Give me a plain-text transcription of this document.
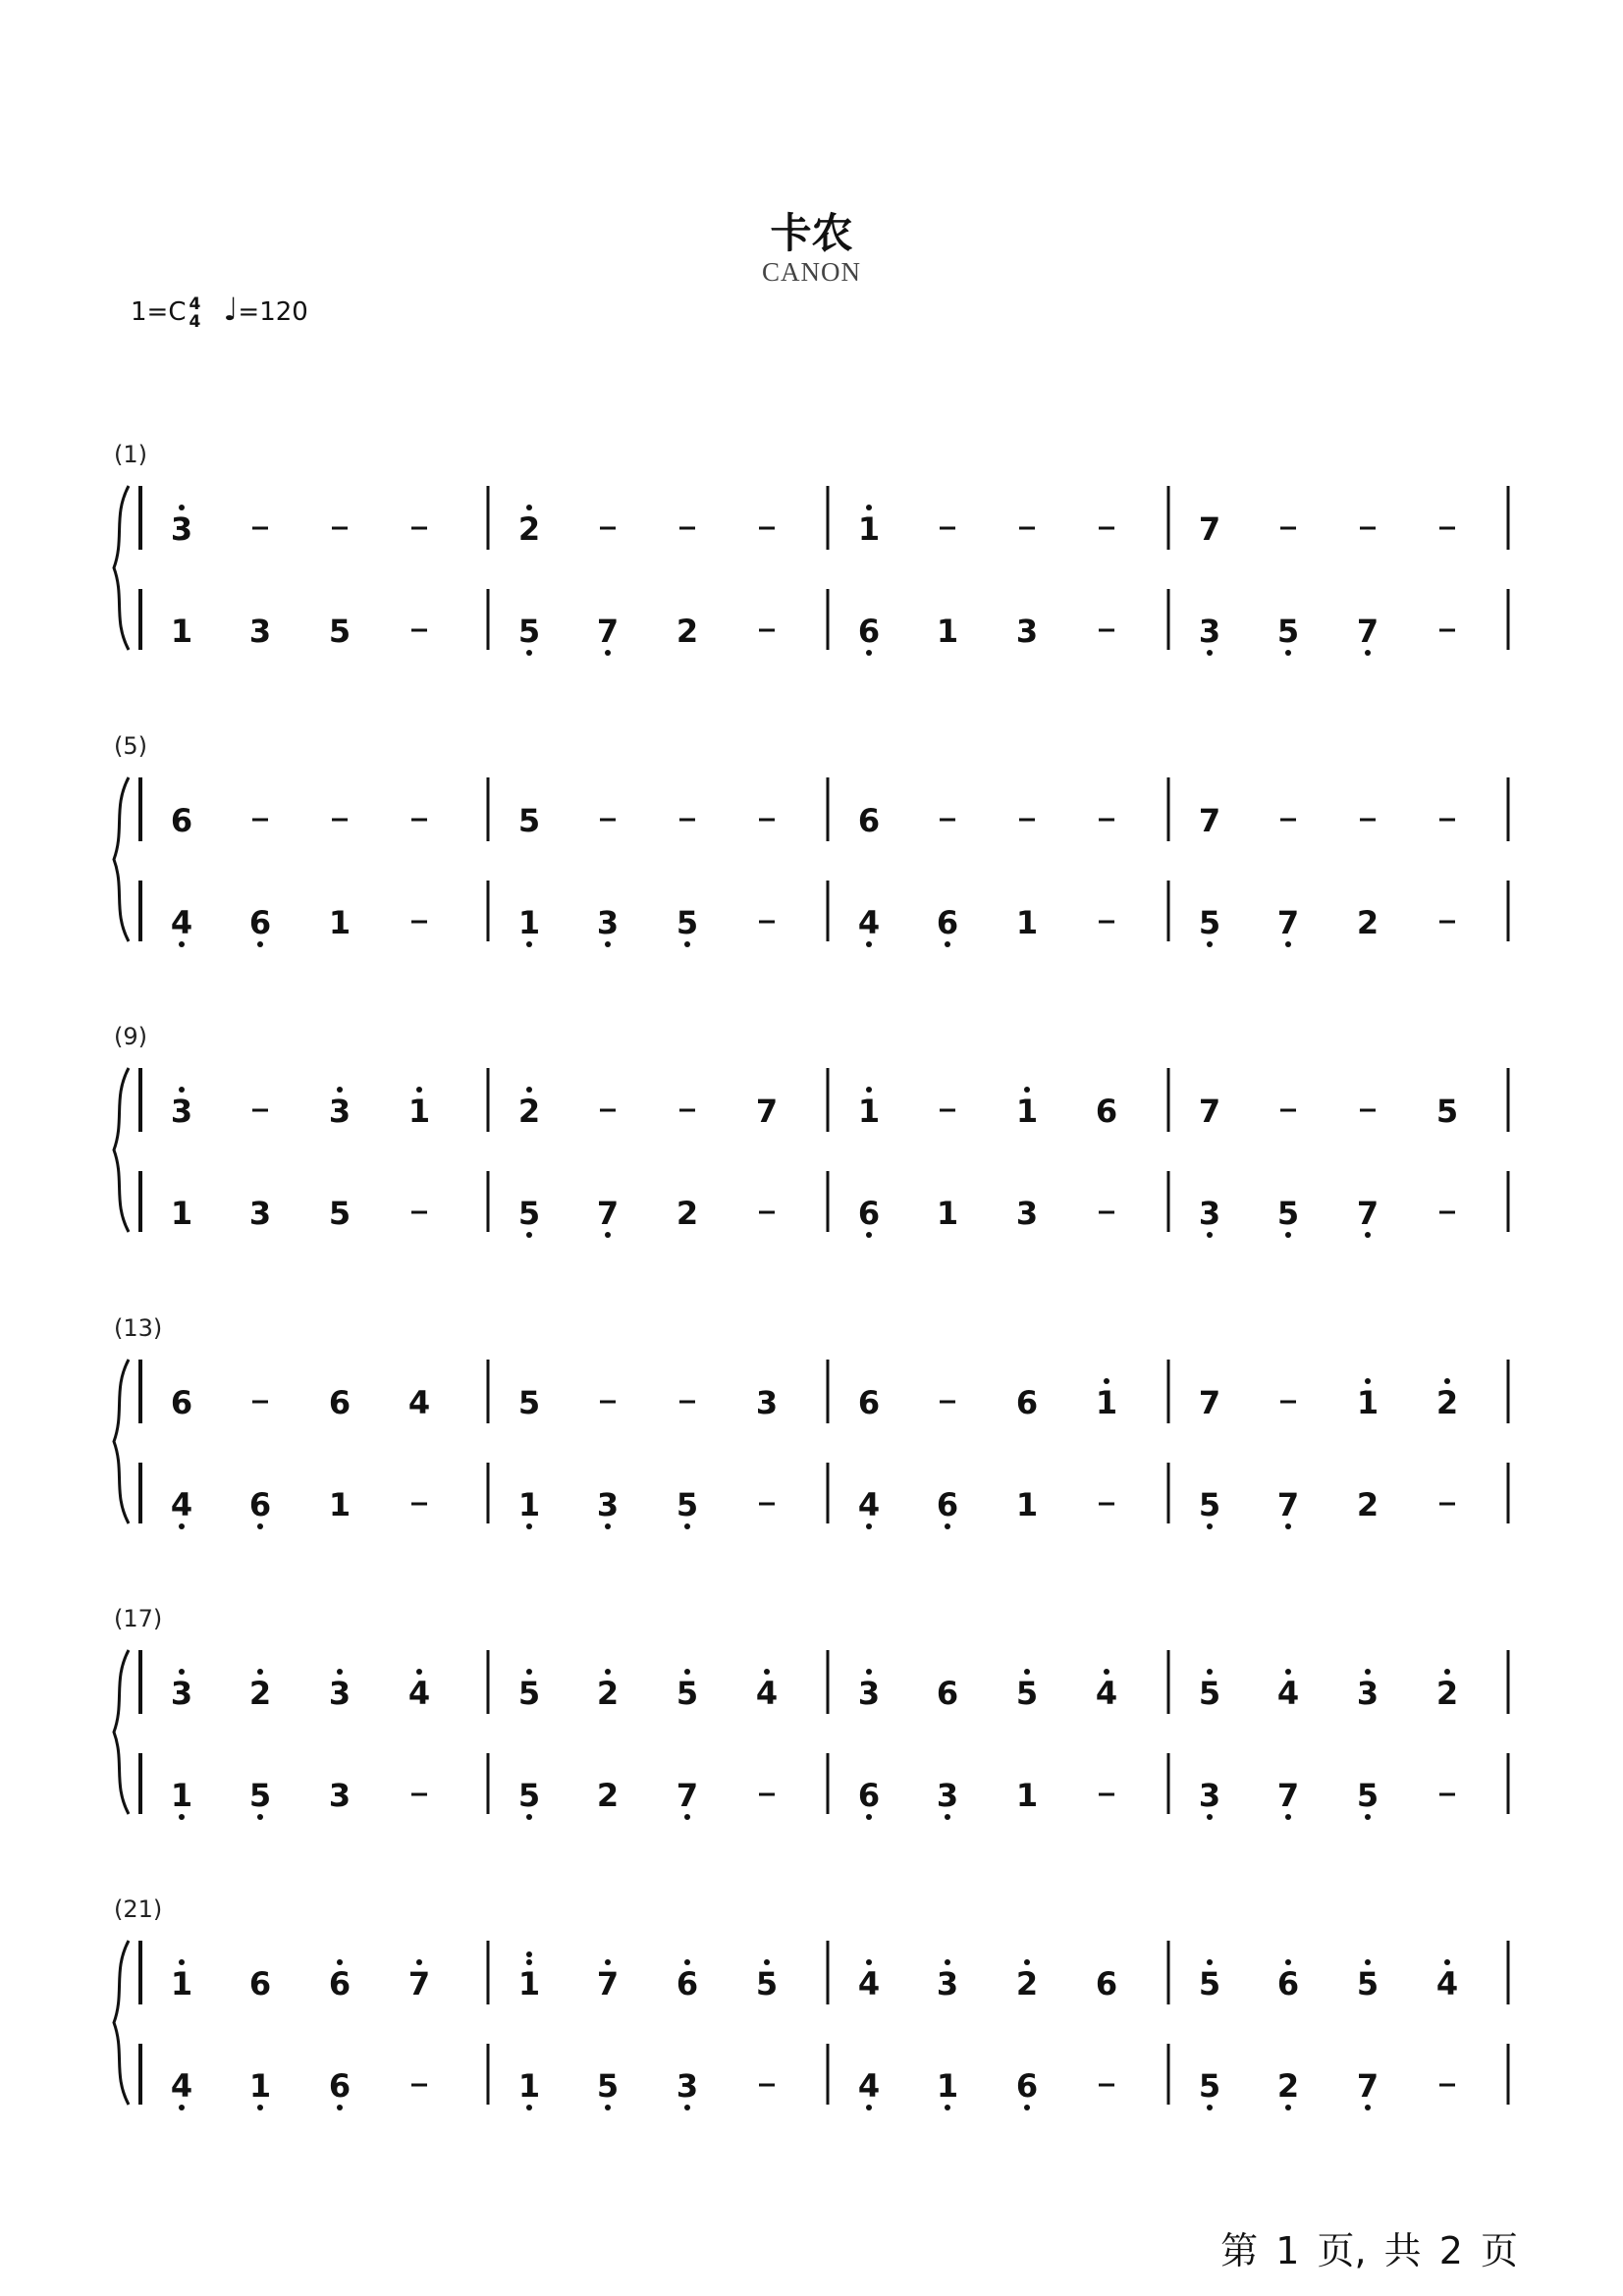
卡农
CANON
1=C 4
4 ♩=120
(1)
3	2	1	7
1 3 5	5 7 2	6 1 3	3 5 7
(5)
6	5	6	7
4 6 1	1 3 5	4 6 1	5 7 2
(9)
3	3 1	2	7	1	1 6	7	5
1 3 5	5 7 2	6 1 3	3 5 7
(13)
6	6 4	5	3	6	6 1	7	1 2
4 6 1	1 3 5	4 6 1	5 7 2
(17)
3 2 3 4	5 2 5 4	3 6 5 4	5 4 3 2
1 5 3	5 2 7	6 3 1	3 7 5
(21)
1 6 6 7	1 7 6 5	4 3 2 6	5 6 5 4
4 1 6	1 5 3	4 1 6	5 2 7
第 1 页, 共 2 页
